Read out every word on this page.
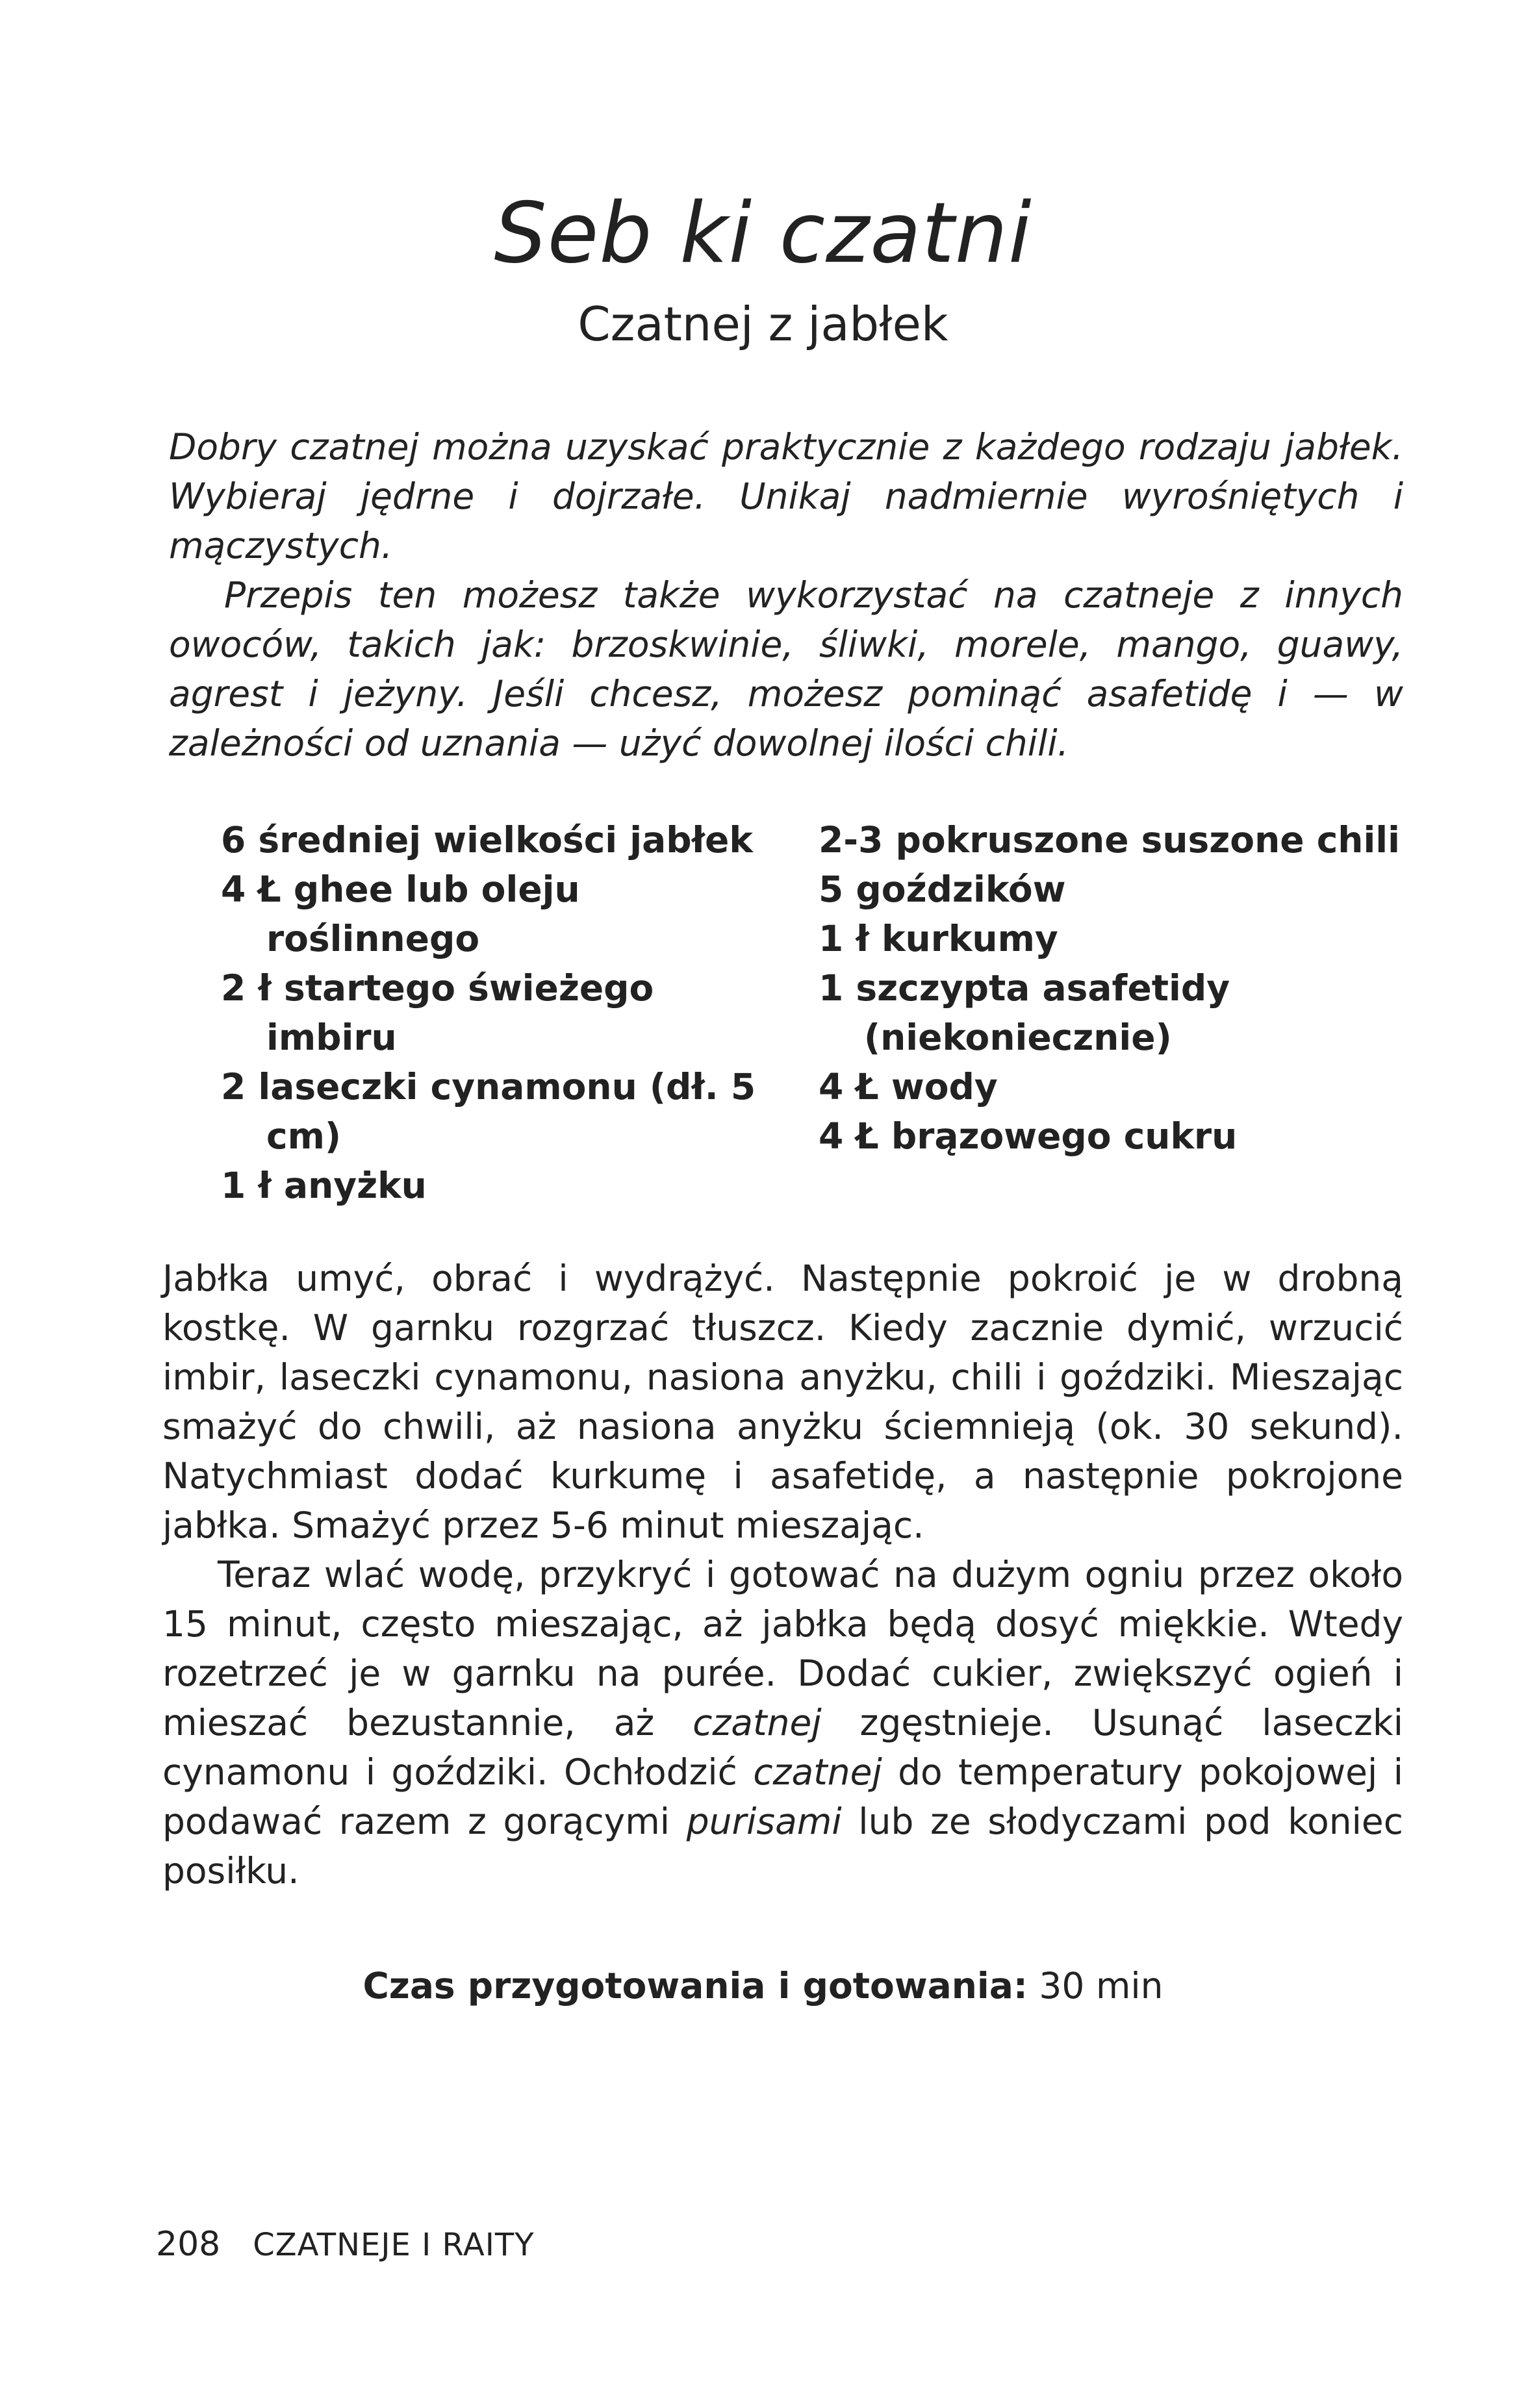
Seb ki czatni
Czatnej z jabłek

Dobry czatnej można uzyskać praktycznie z każdego rodzaju jabłek. Wybieraj jędrne i dojrzałe. Unikaj nadmiernie wyrośniętych i mączystych.

Przepis ten możesz także wykorzystać na czatneje z innych owoców, takich jak: brzoskwinie, śliwki, morele, mango, guawy, agrest i jeżyny. Jeśli chcesz, możesz pominąć asafetidę i — w zależności od uznania — użyć dowolnej ilości chili.

6 średniej wielkości jabłek
4 Ł ghee lub oleju roślinnego
2 ł startego świeżego imbiru
2 laseczki cynamonu (dł. 5 cm)
1 ł anyżku
2-3 pokruszone suszone chili
5 goździków
1 ł kurkumy
1 szczypta asafetidy (niekoniecznie)
4 Ł wody
4 Ł brązowego cukru

Jabłka umyć, obrać i wydrążyć. Następnie pokroić je w drobną kostkę. W garnku rozgrzać tłuszcz. Kiedy zacznie dymić, wrzucić imbir, laseczki cynamonu, nasiona anyżku, chili i goździki. Mieszając smażyć do chwili, aż nasiona anyżku ściemnieją (ok. 30 sekund). Natychmiast dodać kurkumę i asafetidę, a następnie pokrojone jabłka. Smażyć przez 5-6 minut mieszając.

Teraz wlać wodę, przykryć i gotować na dużym ogniu przez około 15 minut, często mieszając, aż jabłka będą dosyć miękkie. Wtedy rozetrzeć je w garnku na purée. Dodać cukier, zwiększyć ogień i mieszać bezustannie, aż czatnej zgęstnieje. Usunąć laseczki cynamonu i goździki. Ochłodzić czatnej do temperatury pokojowej i podawać razem z gorącymi purisami lub ze słodyczami pod koniec posiłku.

Czas przygotowania i gotowania: 30 min
208 CZATNEJE I RAITY
